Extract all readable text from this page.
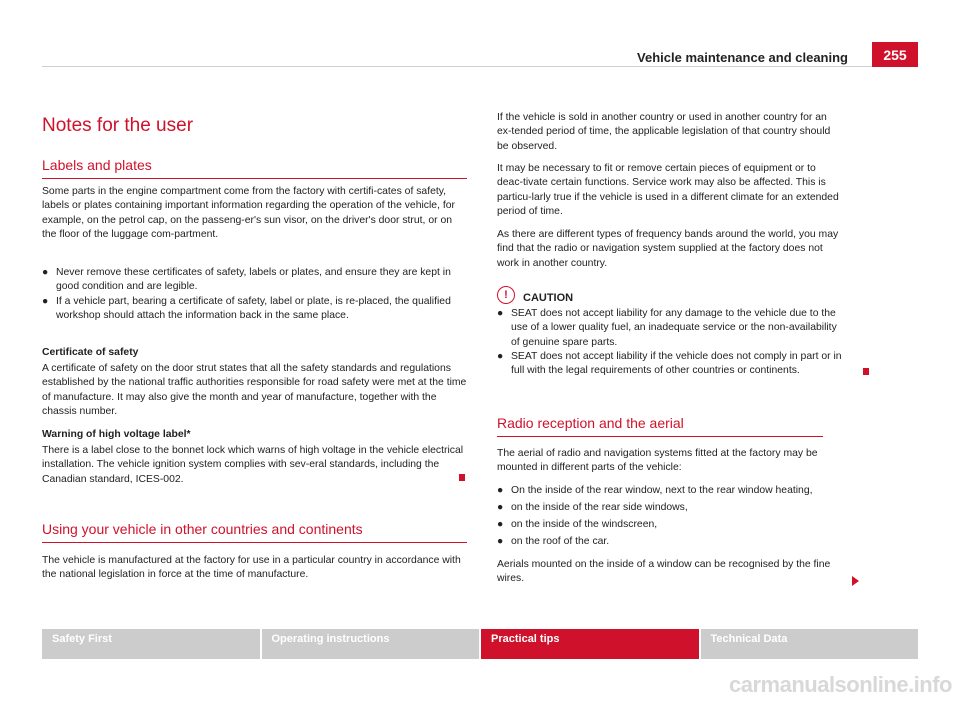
Vehicle maintenance and cleaning	255
Notes for the user
Labels and plates

Some parts in the engine compartment come from the factory with certifi-cates of safety, labels or plates containing important information regarding the operation of the vehicle, for example, on the petrol cap, on the passeng-er's sun visor, on the driver's door strut, or on the floor of the luggage com-partment.

● Never remove these certificates of safety, labels or plates, and ensure they are kept in good condition and are legible.
● If a vehicle part, bearing a certificate of safety, label or plate, is re-placed, the qualified workshop should attach the information back in the same place.

Certificate of safety

A certificate of safety on the door strut states that all the safety standards and regulations established by the national traffic authorities responsible for road safety were met at the time of manufacture. It may also give the month and year of manufacture, together with the chassis number.

Warning of high voltage label*

There is a label close to the bonnet lock which warns of high voltage in the vehicle electrical installation. The vehicle ignition system complies with sev-eral standards, including the Canadian standard, ICES-002.

Using your vehicle in other countries and continents

The vehicle is manufactured at the factory for use in a particular country in accordance with the national legislation in force at the time of manufacture.

If the vehicle is sold in another country or used in another country for an ex-tended period of time, the applicable legislation of that country should be observed.

It may be necessary to fit or remove certain pieces of equipment or to deac-tivate certain functions. Service work may also be affected. This is particu-larly true if the vehicle is used in a different climate for an extended period of time.

As there are different types of frequency bands around the world, you may find that the radio or navigation system supplied at the factory does not work in another country.

!	CAUTION
● SEAT does not accept liability for any damage to the vehicle due to the use of a lower quality fuel, an inadequate service or the non-availability of genuine spare parts.
● SEAT does not accept liability if the vehicle does not comply in part or in full with the legal requirements of other countries or continents.
Radio reception and the aerial

The aerial of radio and navigation systems fitted at the factory may be mounted in different parts of the vehicle:

● On the inside of the rear window, next to the rear window heating,
● on the inside of the rear side windows,
● on the inside of the windscreen,
● on the roof of the car.

Aerials mounted on the inside of a window can be recognised by the fine wires.

Safety First	Operating instructions	Practical tips	Technical Data
carmanualsonline.info
